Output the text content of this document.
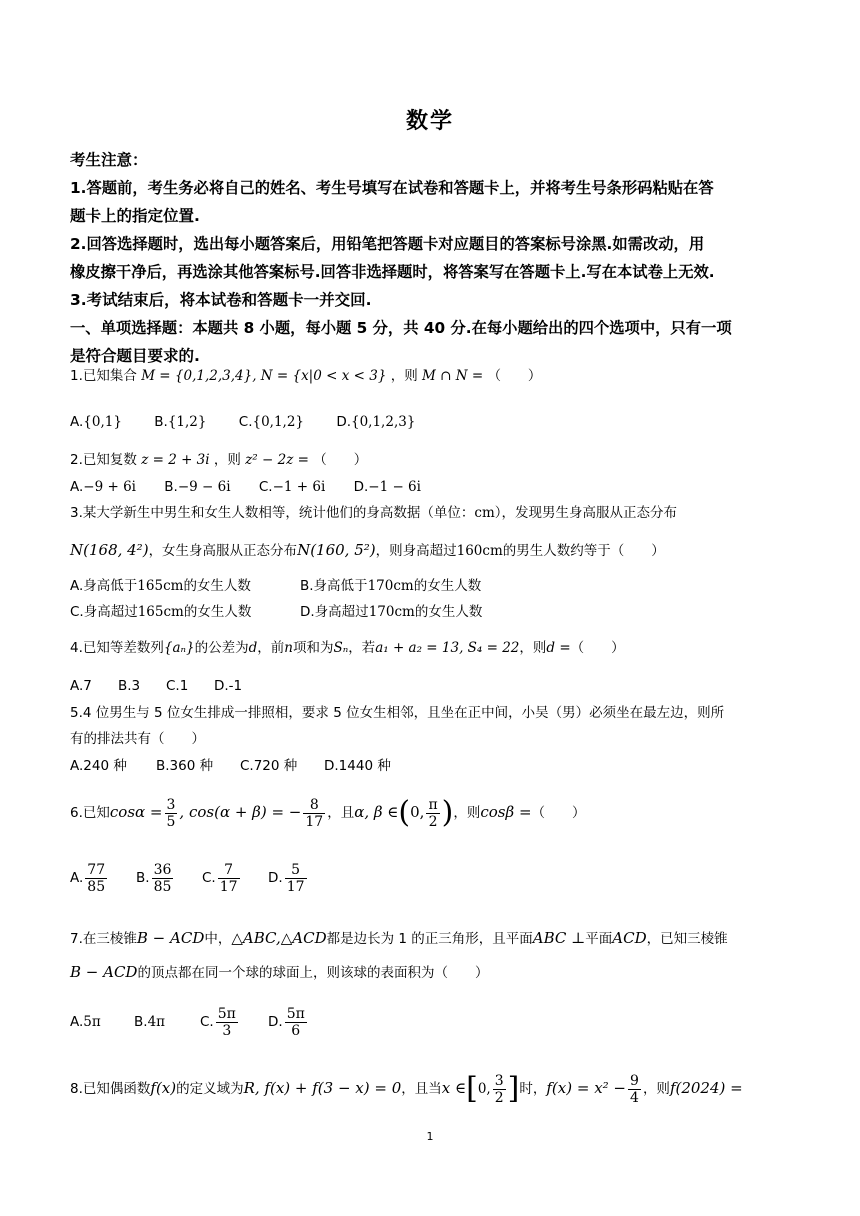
数学
考生注意：
1.答题前，考生务必将自己的姓名、考生号填写在试卷和答题卡上，并将考生号条形码粘贴在答
题卡上的指定位置.
2.回答选择题时，选出每小题答案后，用铅笔把答题卡对应题目的答案标号涂黑.如需改动，用
橡皮擦干净后，再选涂其他答案标号.回答非选择题时，将答案写在答题卡上.写在本试卷上无效.
3.考试结束后，将本试卷和答题卡一并交回.
一、单项选择题：本题共 8 小题，每小题 5 分，共 40 分.在每小题给出的四个选项中，只有一项
是符合题目要求的.
1.已知集合 M = {0,1,2,3,4}, N = {x|0 < x < 3} ，则 M ∩ N = （　　）
A.{0,1} B.{1,2} C.{0,1,2} D.{0,1,2,3}
2.已知复数 z = 2 + 3i ，则 z² − 2z = （　　）
A.−9 + 6i B.−9 − 6i C.−1 + 6i D.−1 − 6i
3.某大学新生中男生和女生人数相等，统计他们的身高数据（单位：cm），发现男生身高服从正态分布
N(168, 4²)，女生身高服从正态分布N(160, 5²)，则身高超过160cm的男生人数约等于（　　）
A.身高低于165cm的女生人数	B.身高低于170cm的女生人数
C.身高超过165cm的女生人数	D.身高超过170cm的女生人数
4.已知等差数列{aₙ}的公差为d，前n项和为Sₙ，若a₁ + a₂ = 13, S₄ = 22，则d =（　　）
A.7 B.3 C.1 D.-1
5.4 位男生与 5 位女生排成一排照相，要求 5 位女生相邻，且坐在正中间，小吴（男）必须坐在最左边，则所
有的排法共有（　　）
A.240 种 B.360 种 C.720 种 D.1440 种
6.已知$\cos\alpha = \frac{3}{5}$ , cos(α + β) = − $\frac{8}{17}$ ，且α, β ∈(0, $\frac{\pi}{2}$ )，则cosβ =（　　）
A. $\frac{77}{85} B$. $\frac{36}{85} C$. $\frac{7}{17} D$. $\frac{5}{17}$
7.在三棱锥B − ACD中，△ABC,△ACD都是边长为 1 的正三角形，且平面ABC ⊥平面ACD，已知三棱锥
B − ACD的顶点都在同一个球的球面上，则该球的表面积为（　　）
A.5π B.4π	C. $\frac{5\pi}{3} D$. $\frac{5\pi}{6}$
8.已知偶函数f(x)的定义域为R, f(x) + f(3 − x) = 0，且当x ∈[0, $\frac{3}{2}$ ]时，$f(x) = x^2 - \frac{9}{4}$ ，则f(2024) =
1
